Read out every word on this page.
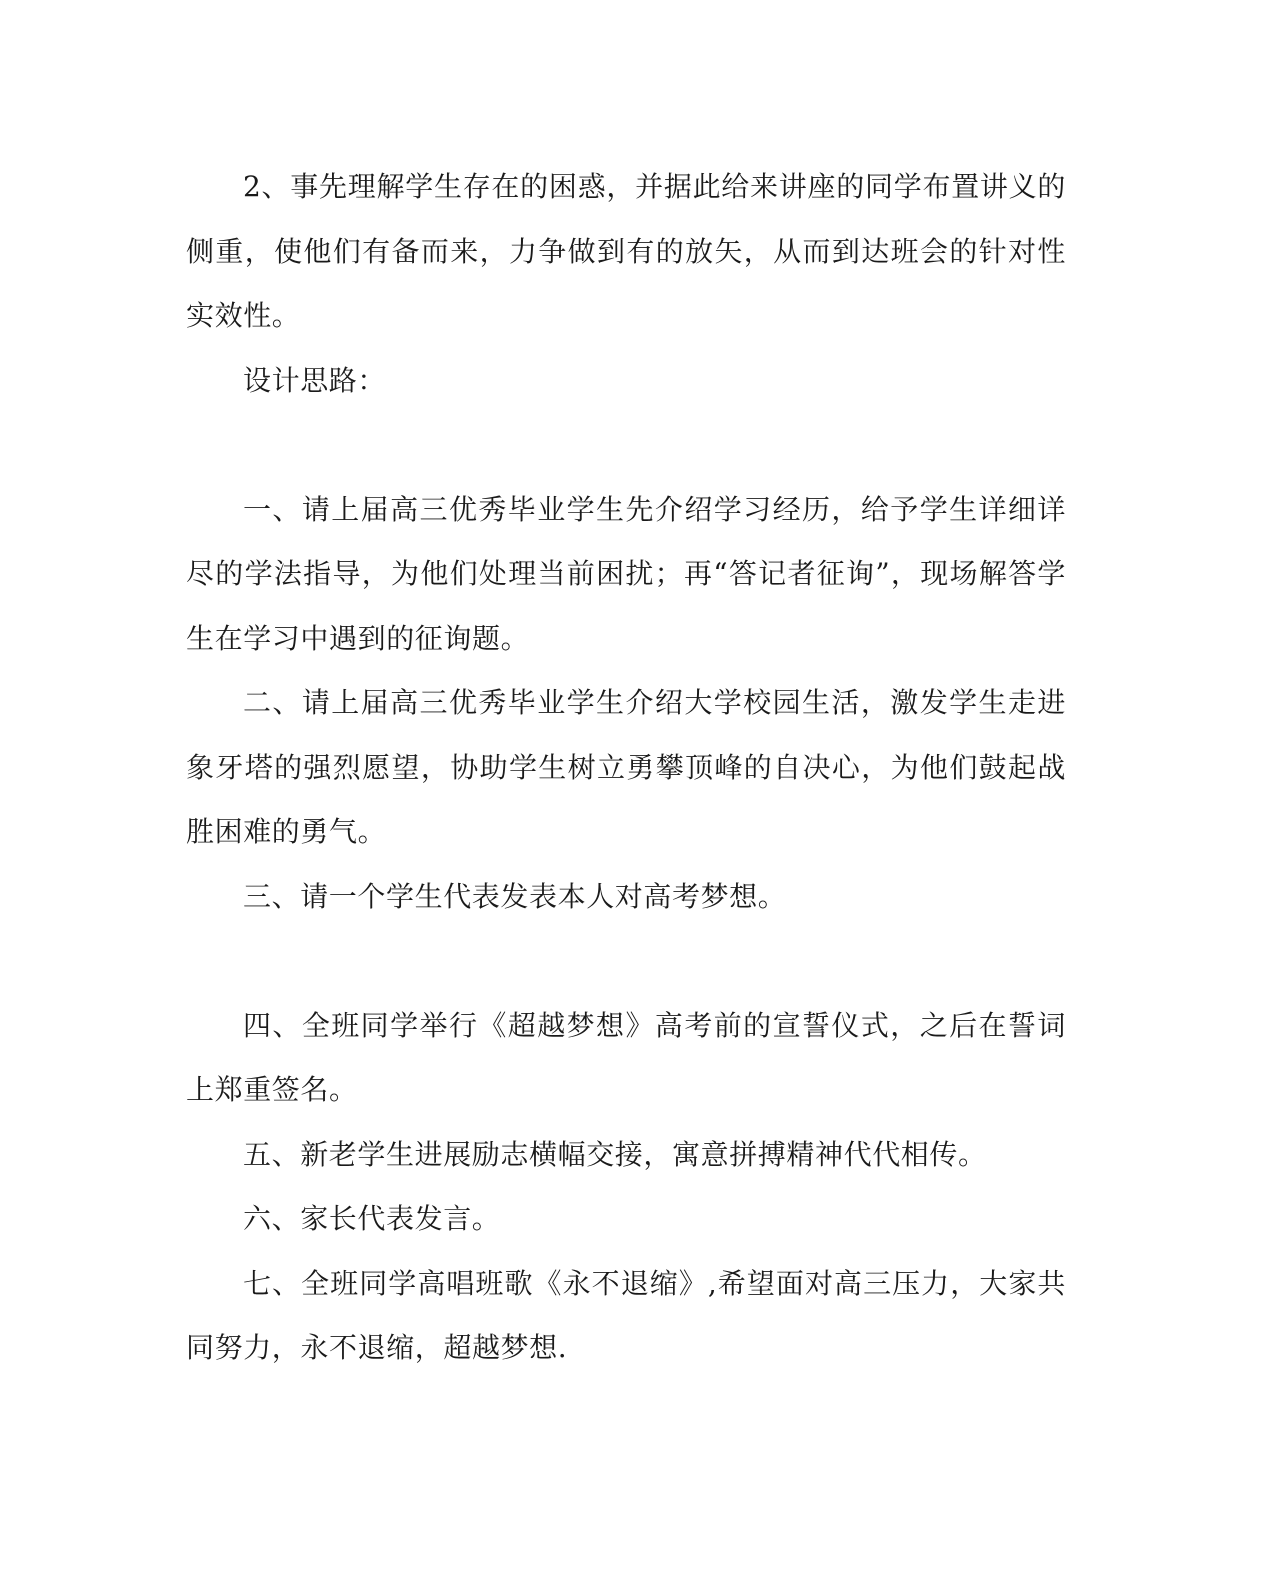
2、事先理解学生存在的困惑，并据此给来讲座的同学布置讲义的侧重，使他们有备而来，力争做到有的放矢，从而到达班会的针对性实效性。

设计思路：

一、请上届高三优秀毕业学生先介绍学习经历，给予学生详细详尽的学法指导，为他们处理当前困扰；再“答记者征询”，现场解答学生在学习中遇到的征询题。

二、请上届高三优秀毕业学生介绍大学校园生活，激发学生走进象牙塔的强烈愿望，协助学生树立勇攀顶峰的自决心，为他们鼓起战胜困难的勇气。

三、请一个学生代表发表本人对高考梦想。

四、全班同学举行《超越梦想》高考前的宣誓仪式，之后在誓词上郑重签名。

五、新老学生进展励志横幅交接，寓意拼搏精神代代相传。

六、家长代表发言。

七、全班同学高唱班歌《永不退缩》,希望面对高三压力，大家共同努力，永不退缩，超越梦想.
